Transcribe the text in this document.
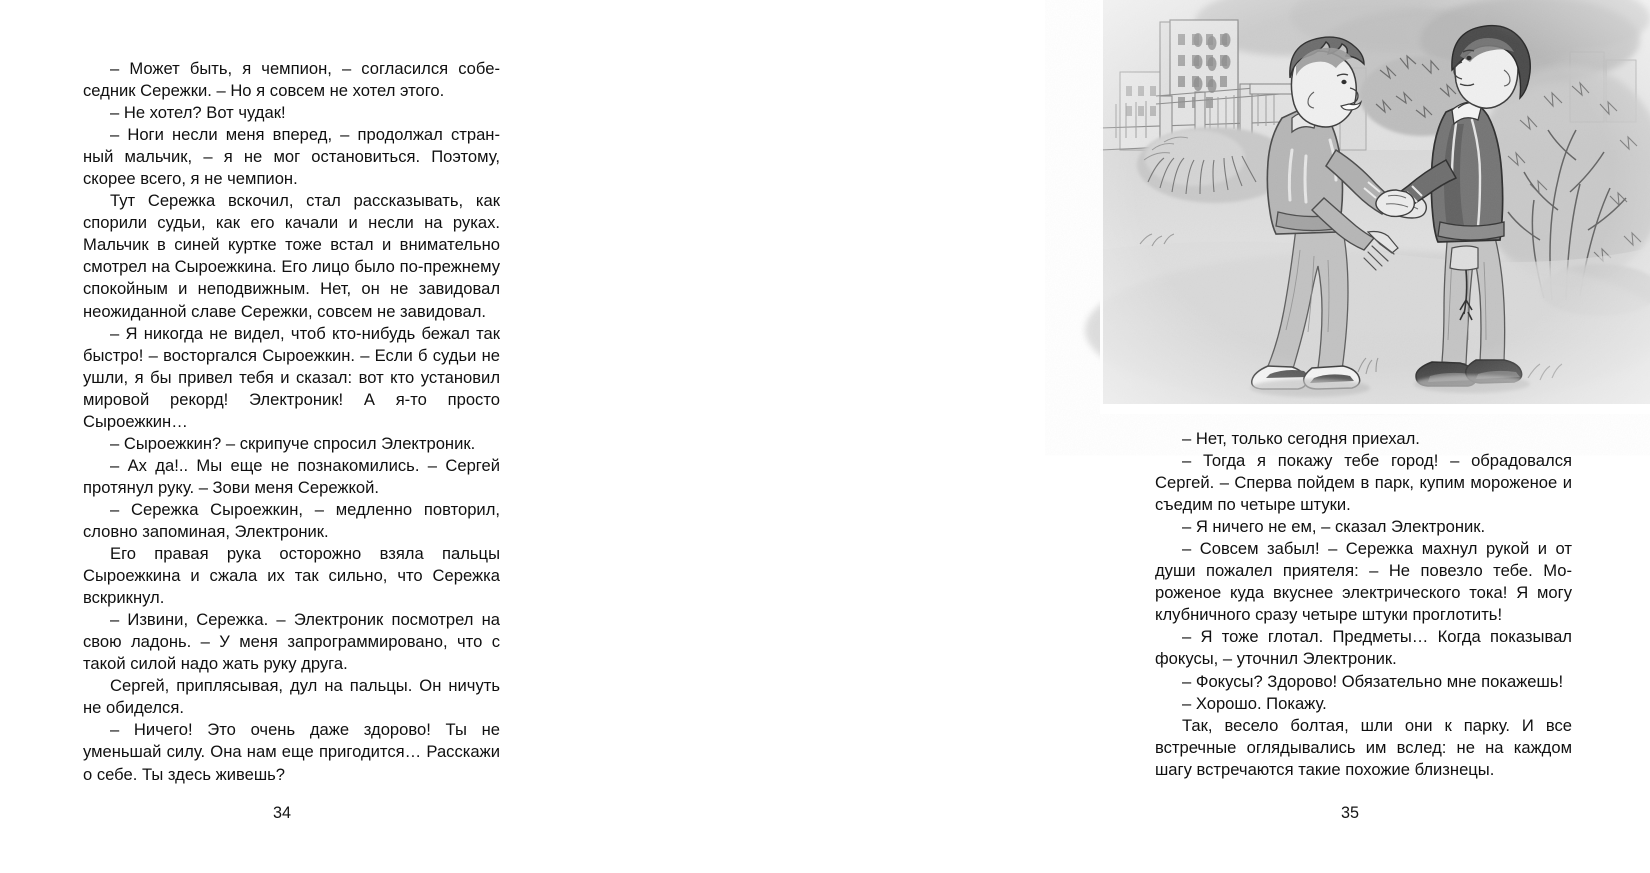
– Может быть, я чемпион, – согласился собеседник Сережки. – Но я совсем не хотел этого.

– Не хотел? Вот чудак!

– Ноги несли меня вперед, – продолжал странный мальчик, – я не мог остановиться. Поэтому, скорее всего, я не чемпион.

Тут Сережка вскочил, стал рассказывать, как спорили судьи, как его качали и несли на руках. Мальчик в синей куртке тоже встал и внимательно смотрел на Сыроежкина. Его лицо было по-прежнему спокойным и неподвижным. Нет, он не завидовал неожиданной славе Сережки, совсем не завидовал.

– Я никогда не видел, чтоб кто-нибудь бежал так быстро! – восторгался Сыроежкин. – Если б судьи не ушли, я бы привел тебя и сказал: вот кто установил мировой рекорд! Электроник! А я-то просто Сыроежкин…

– Сыроежкин? – скрипуче спросил Электроник.

– Ах да!.. Мы еще не познакомились. – Сергей протянул руку. – Зови меня Сережкой.

– Сережка Сыроежкин, – медленно повторил, словно запоминая, Электроник.

Его правая рука осторожно взяла пальцы Сыроежкина и сжала их так сильно, что Сережка вскрикнул.

– Извини, Сережка. – Электроник посмотрел на свою ладонь. – У меня запрограммировано, что с такой силой надо жать руку друга.

Сергей, приплясывая, дул на пальцы. Он ничуть не обиделся.

– Ничего! Это очень даже здорово! Ты не уменьшай силу. Она нам еще пригодится… Расскажи о себе. Ты здесь живешь?

34

– Нет, только сегодня приехал.

– Тогда я покажу тебе город! – обрадовался Сергей. – Сперва пойдем в парк, купим мороженое и съедим по четыре штуки.

– Я ничего не ем, – сказал Электроник.

– Совсем забыл! – Сережка махнул рукой и от души пожалел приятеля: – Не повезло тебе. Мороженое куда вкуснее электрического тока! Я могу клубничного сразу четыре штуки проглотить!

– Я тоже глотал. Предметы… Когда показывал фокусы, – уточнил Электроник.

– Фокусы? Здорово! Обязательно мне покажешь!

– Хорошо. Покажу.

Так, весело болтая, шли они к парку. И все встречные оглядывались им вслед: не на каждом шагу встречаются такие похожие близнецы.

35
